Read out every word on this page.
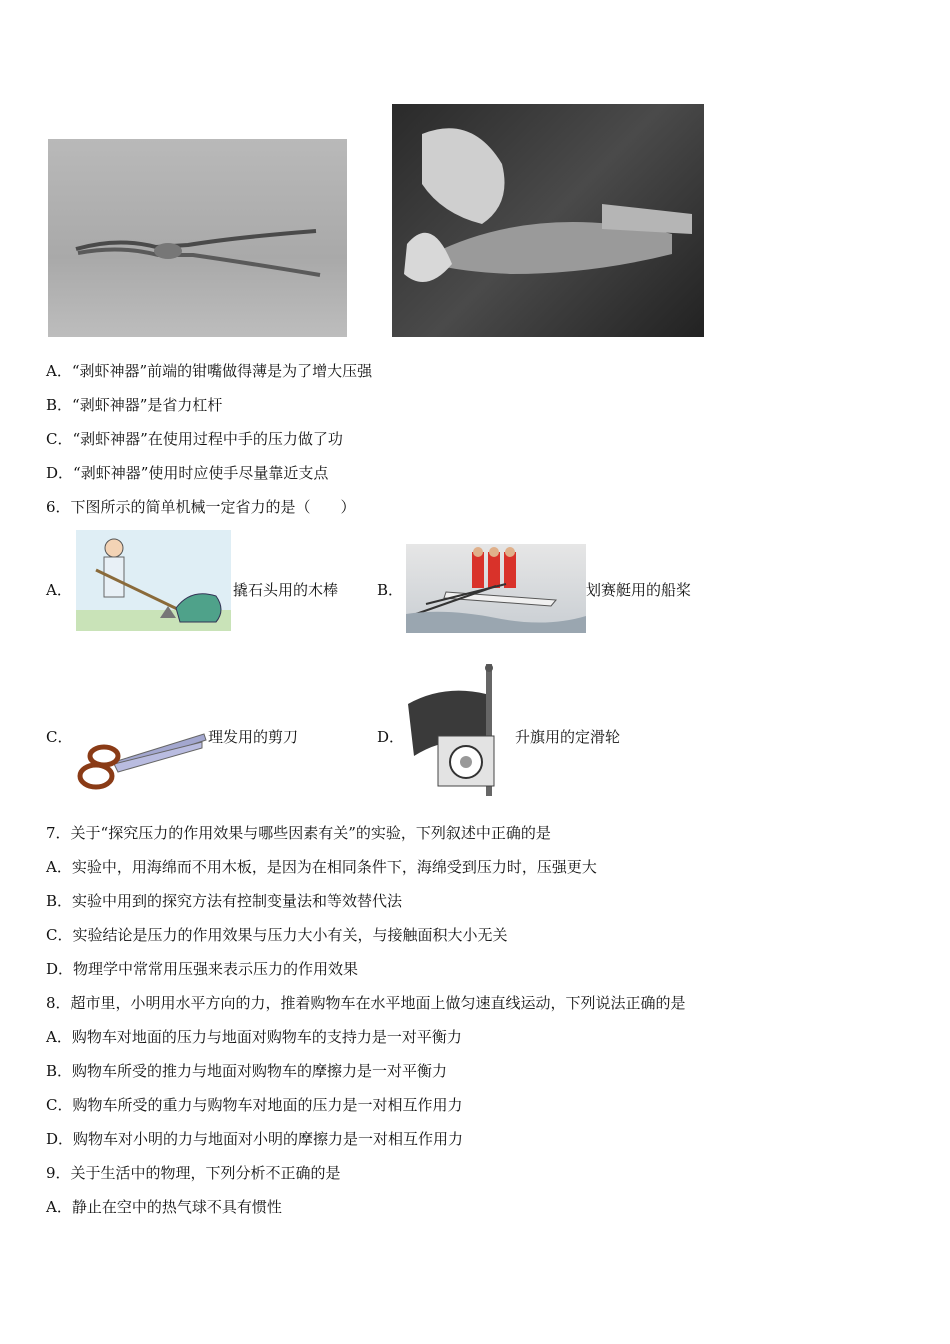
A．“剥虾神器”前端的钳嘴做得薄是为了增大压强
B．“剥虾神器”是省力杠杆
C．“剥虾神器”在使用过程中手的压力做了功
D．“剥虾神器”使用时应使手尽量靠近支点
6．下图所示的简单机械一定省力的是（　　）
A．	撬石头用的木棒	B．	划赛艇用的船桨
C．	理发用的剪刀	D．	升旗用的定滑轮
7．关于“探究压力的作用效果与哪些因素有关”的实验，下列叙述中正确的是
A．实验中，用海绵而不用木板，是因为在相同条件下，海绵受到压力时，压强更大
B．实验中用到的探究方法有控制变量法和等效替代法
C．实验结论是压力的作用效果与压力大小有关，与接触面积大小无关
D．物理学中常常用压强来表示压力的作用效果
8．超市里，小明用水平方向的力，推着购物车在水平地面上做匀速直线运动，下列说法正确的是
A．购物车对地面的压力与地面对购物车的支持力是一对平衡力
B．购物车所受的推力与地面对购物车的摩擦力是一对平衡力
C．购物车所受的重力与购物车对地面的压力是一对相互作用力
D．购物车对小明的力与地面对小明的摩擦力是一对相互作用力
9．关于生活中的物理，下列分析不正确的是
A．静止在空中的热气球不具有惯性
